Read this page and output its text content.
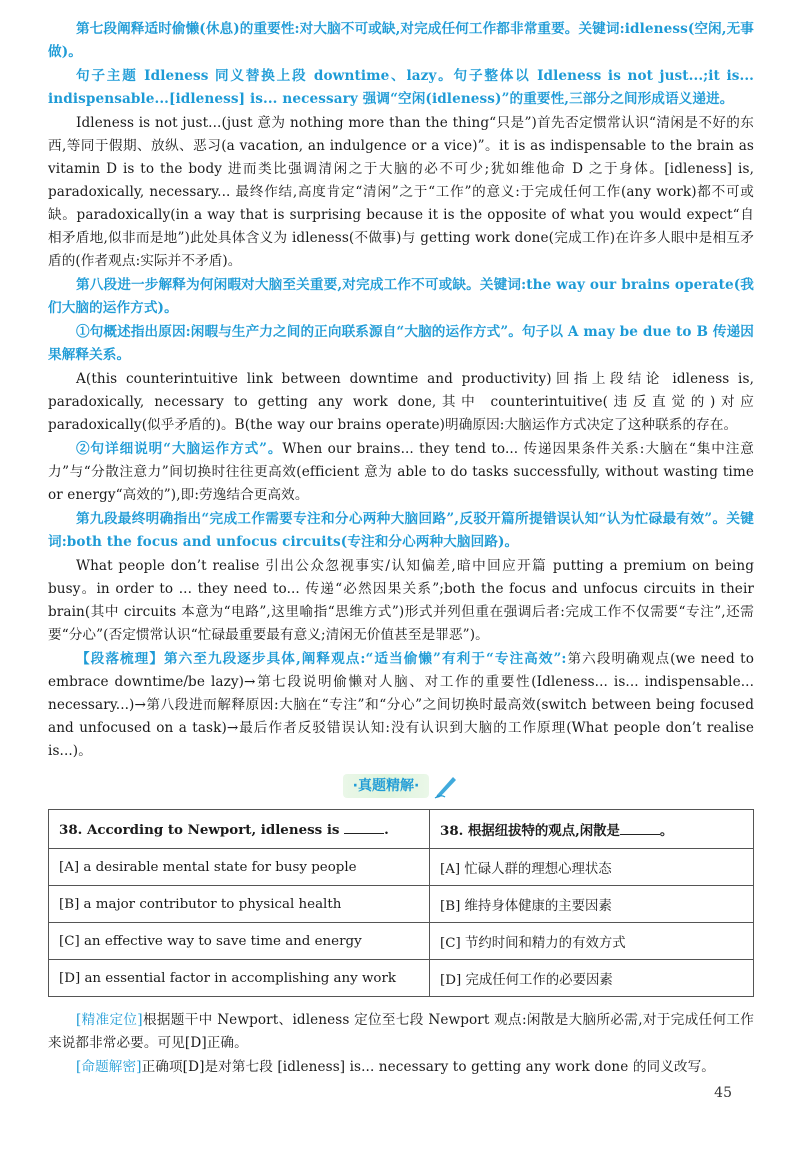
第七段阐释适时偷懒(休息)的重要性:对大脑不可或缺,对完成任何工作都非常重要。关键词:idleness(空闲,无事做)。

句子主题 Idleness 同义替换上段 downtime、lazy。句子整体以 Idleness is not just...;it is... indispensable...[idleness] is... necessary 强调“空闲(idleness)”的重要性,三部分之间形成语义递进。

Idleness is not just...(just 意为 nothing more than the thing“只是”)首先否定惯常认识“清闲是不好的东西,等同于假期、放纵、恶习(a vacation, an indulgence or a vice)”。it is as indispensable to the brain as vitamin D is to the body 进而类比强调清闲之于大脑的必不可少;犹如维他命 D 之于身体。[idleness] is, paradoxically, necessary... 最终作结,高度肯定“清闲”之于“工作”的意义:于完成任何工作(any work)都不可或缺。paradoxically(in a way that is surprising because it is the opposite of what you would expect“自相矛盾地,似非而是地”)此处具体含义为 idleness(不做事)与 getting work done(完成工作)在许多人眼中是相互矛盾的(作者观点:实际并不矛盾)。

第八段进一步解释为何闲暇对大脑至关重要,对完成工作不可或缺。关键词:the way our brains operate(我们大脑的运作方式)。

①句概述指出原因:闲暇与生产力之间的正向联系源自“大脑的运作方式”。句子以 A may be due to B 传递因果解释关系。

A(this counterintuitive link between downtime and productivity)回指上段结论 idleness is, paradoxically, necessary to getting any work done,其中 counterintuitive(违反直觉的)对应 paradoxically(似乎矛盾的)。B(the way our brains operate)明确原因:大脑运作方式决定了这种联系的存在。

②句详细说明“大脑运作方式”。When our brains... they tend to... 传递因果条件关系:大脑在“集中注意力”与“分散注意力”间切换时往往更高效(efficient 意为 able to do tasks successfully, without wasting time or energy“高效的”),即:劳逸结合更高效。

第九段最终明确指出“完成工作需要专注和分心两种大脑回路”,反驳开篇所提错误认知“认为忙碌最有效”。关键词:both the focus and unfocus circuits(专注和分心两种大脑回路)。

What people don’t realise 引出公众忽视事实/认知偏差,暗中回应开篇 putting a premium on being busy。in order to ... they need to... 传递“必然因果关系”;both the focus and unfocus circuits in their brain(其中 circuits 本意为“电路”,这里喻指“思维方式”)形式并列但重在强调后者:完成工作不仅需要“专注”,还需要“分心”(否定惯常认识“忙碌最重要最有意义;清闲无价值甚至是罪恶”)。

【段落梳理】第六至九段逐步具体,阐释观点:“适当偷懒”有利于“专注高效”:第六段明确观点(we need to embrace downtime/be lazy)→第七段说明偷懒对人脑、对工作的重要性(Idleness... is... indispensable... necessary...)→第八段进而解释原因:大脑在“专注”和“分心”之间切换时最高效(switch between being focused and unfocused on a task)→最后作者反驳错误认知:没有认识到大脑的工作原理(What people don’t realise is...)。

·真题精解·
38. According to Newport, idleness is .	38. 根据纽拔特的观点,闲散是 。
[A] a desirable mental state for busy people	[A] 忙碌人群的理想心理状态
[B] a major contributor to physical health	[B] 维持身体健康的主要因素
[C] an effective way to save time and energy	[C] 节约时间和精力的有效方式
[D] an essential factor in accomplishing any work	[D] 完成任何工作的必要因素

[精准定位]根据题干中 Newport、idleness 定位至七段 Newport 观点:闲散是大脑所必需,对于完成任何工作来说都非常必要。可见[D]正确。

[命题解密]正确项[D]是对第七段 [idleness] is... necessary to getting any work done 的同义改写。

45
